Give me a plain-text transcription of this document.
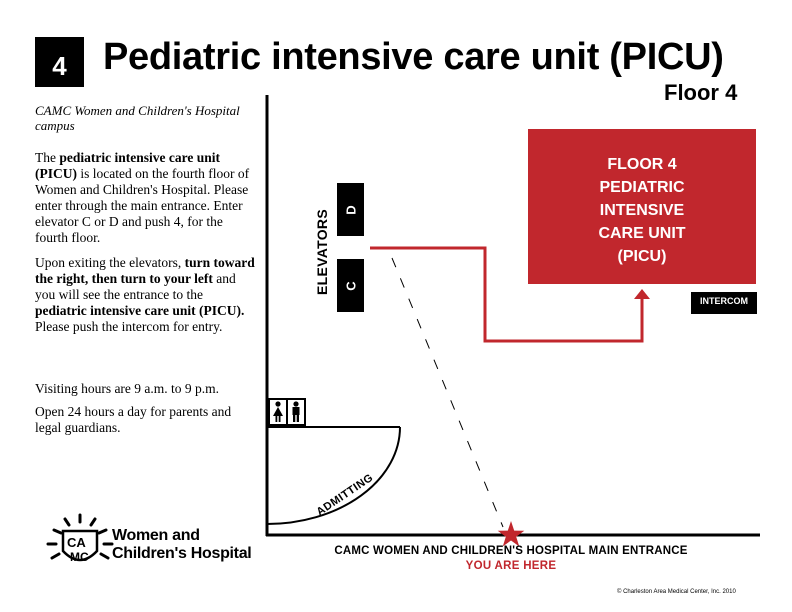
4 Pediatric intensive care unit (PICU)
Floor 4
CAMC Women and Children's Hospital campus

The pediatric intensive care unit (PICU) is located on the fourth floor of Women and Children's Hospital. Please enter through the main entrance. Enter elevator C or D and push 4, for the fourth floor.

Upon exiting the elevators, turn toward the right, then turn to your left and you will see the entrance to the pediatric intensive care unit (PICU). Please push the intercom for entry.

Visiting hours are 9 a.m. to 9 p.m.

Open 24 hours a day for parents and legal guardians.

FLOOR 4
PEDIATRIC
INTENSIVE
CARE UNIT
(PICU)
INTERCOM
D
C
ELEVATORS
ADMITTING
CAMC WOMEN AND CHILDREN'S HOSPITAL MAIN ENTRANCE
YOU ARE HERE
CA
MC
Women and
Children's Hospital
© Charleston Area Medical Center, Inc. 2010
